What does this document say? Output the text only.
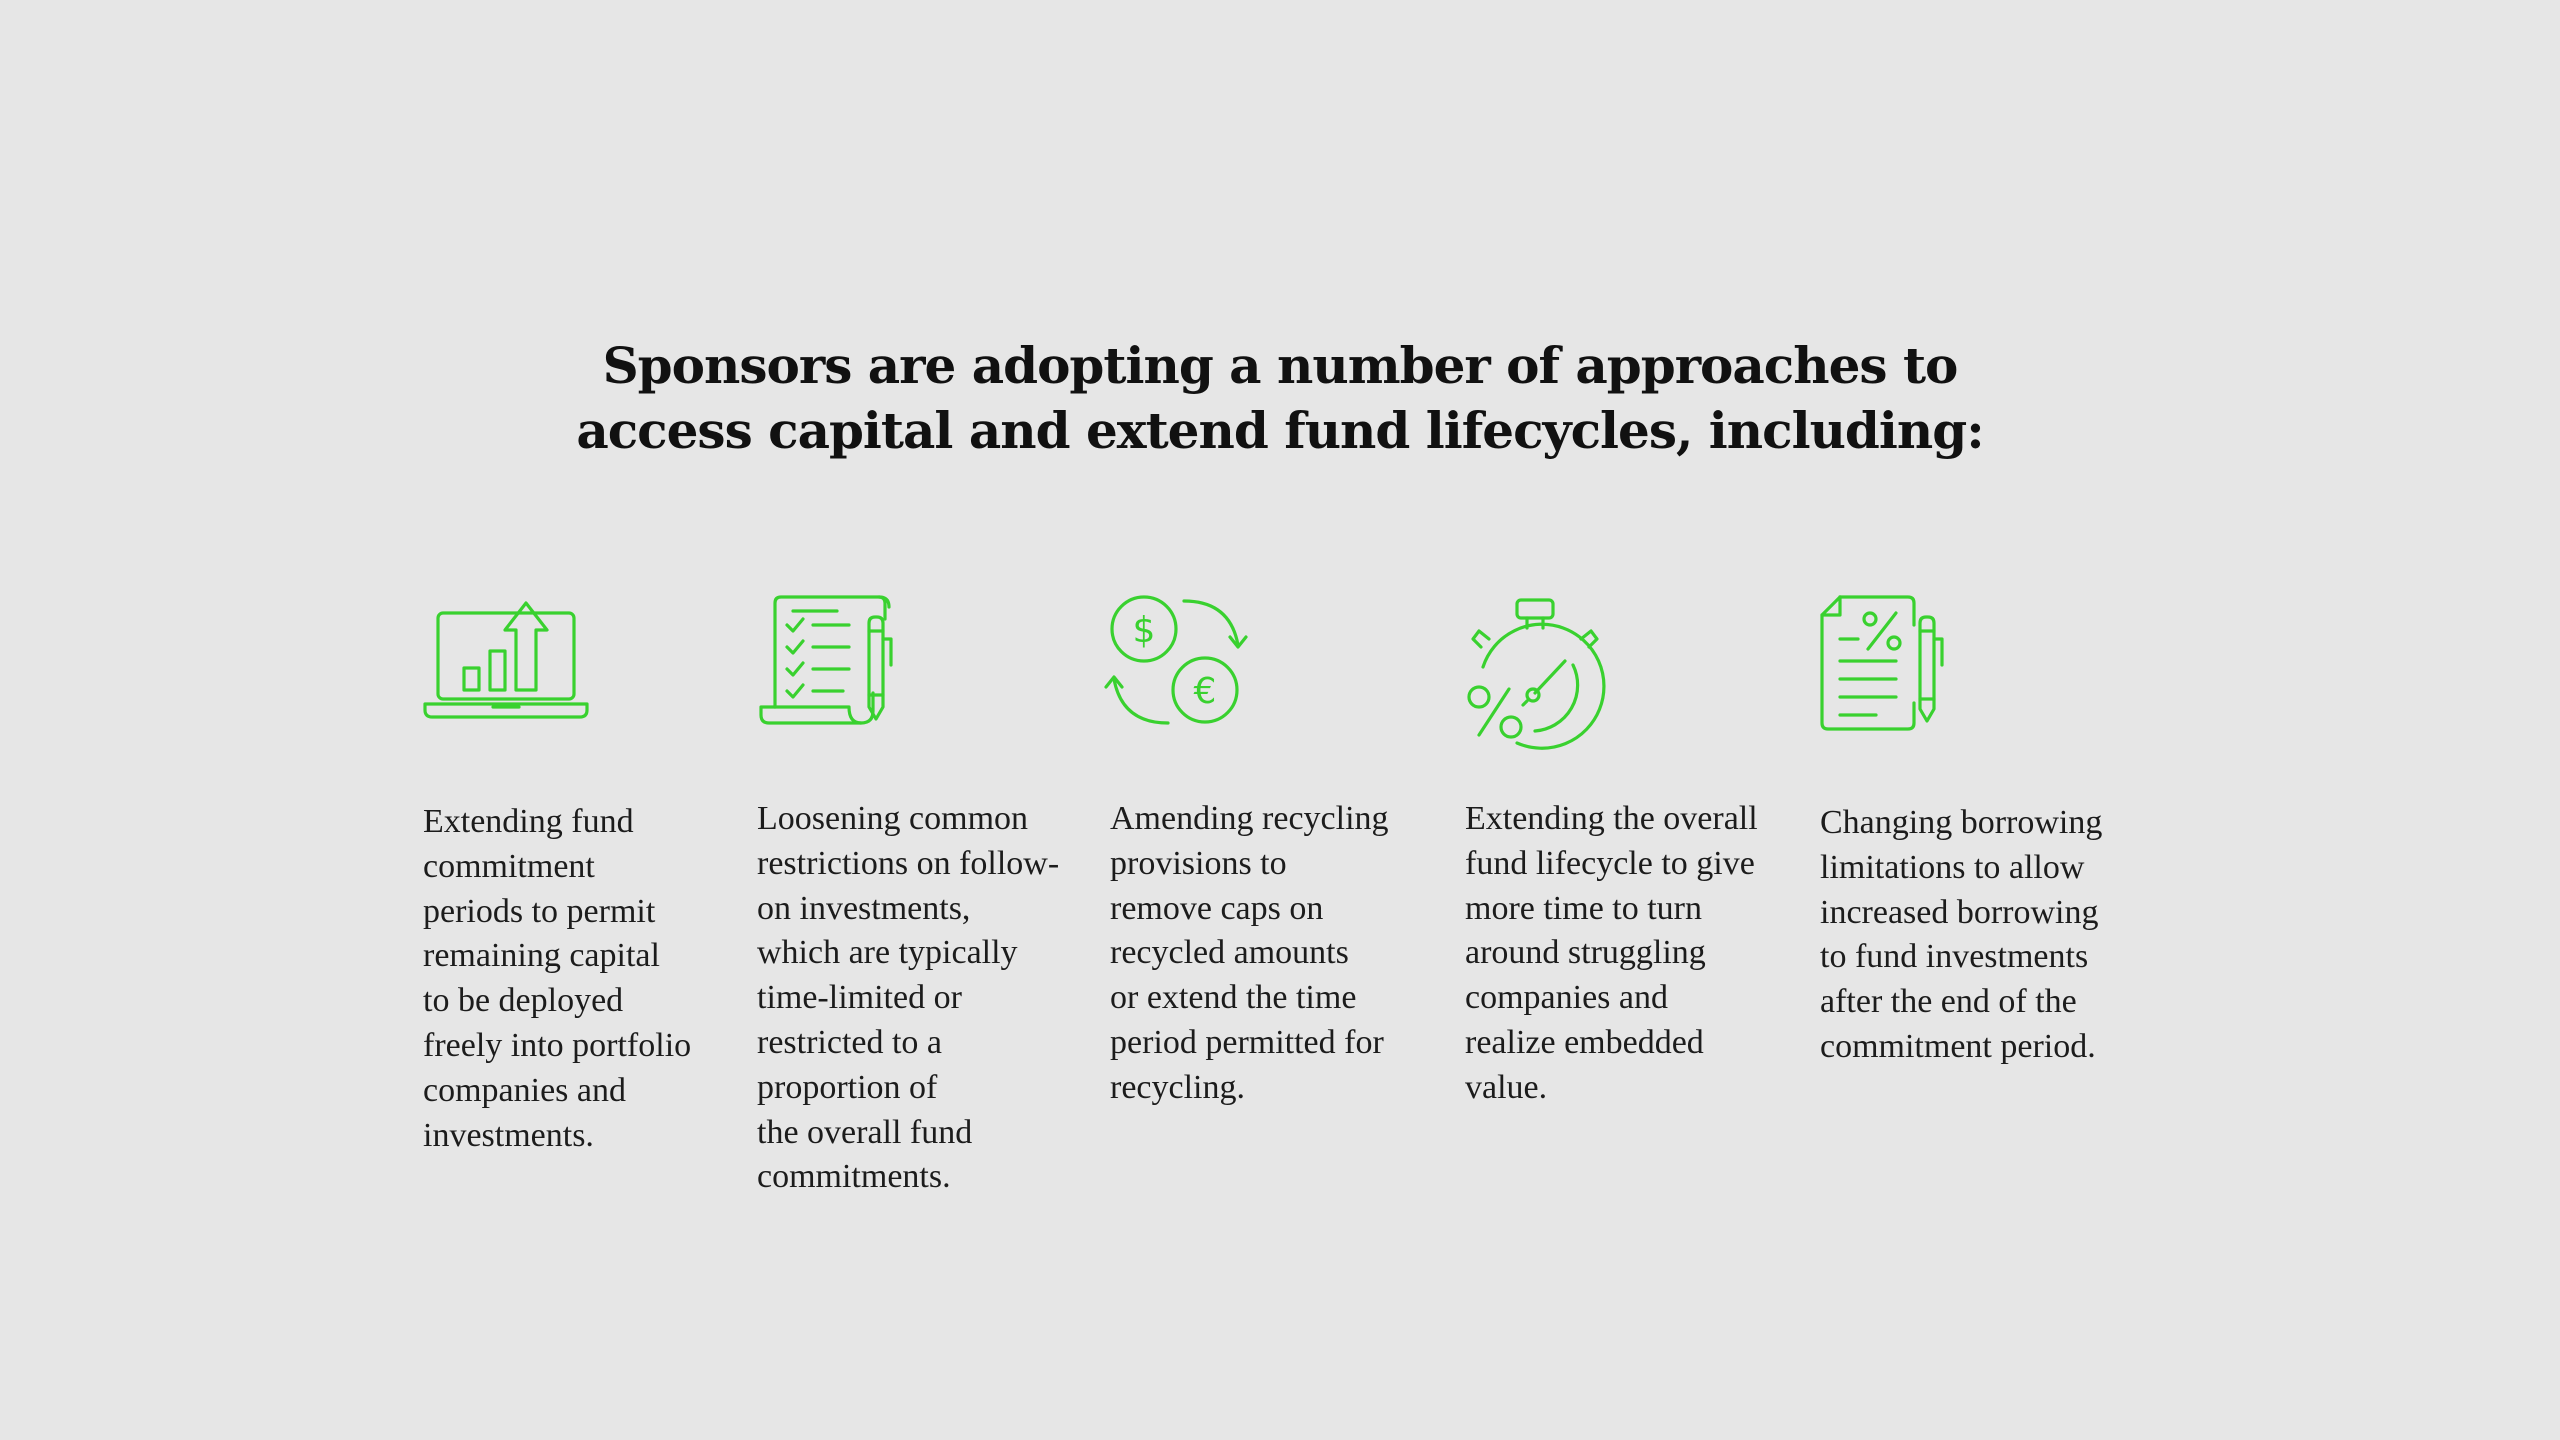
Sponsors are adopting a number of approaches to
access capital and extend fund lifecycles, including:

Extending fund
commitment
periods to permit
remaining capital
to be deployed
freely into portfolio
companies and
investments.

Loosening common
restrictions on follow-
on investments,
which are typically
time-limited or
restricted to a
proportion of
the overall fund
commitments.

$
€

Amending recycling
provisions to
remove caps on
recycled amounts
or extend the time
period permitted for
recycling.

Extending the overall
fund lifecycle to give
more time to turn
around struggling
companies and
realize embedded
value.

Changing borrowing
limitations to allow
increased borrowing
to fund investments
after the end of the
commitment period.
